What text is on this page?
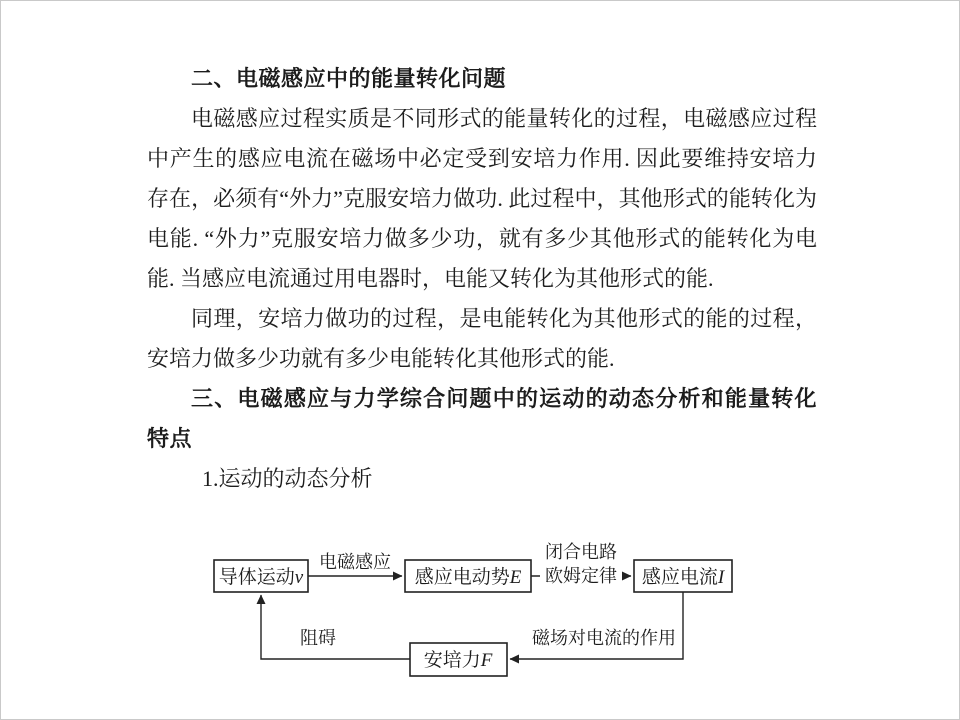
二、电磁感应中的能量转化问题

电磁感应过程实质是不同形式的能量转化的过程，电磁感应过程中产生的感应电流在磁场中必定受到安培力作用. 因此要维持安培力存在，必须有“外力”克服安培力做功. 此过程中，其他形式的能转化为电能. “外力”克服安培力做多少功，就有多少其他形式的能转化为电能. 当感应电流通过用电器时，电能又转化为其他形式的能.

同理，安培力做功的过程，是电能转化为其他形式的能的过程，安培力做多少功就有多少电能转化其他形式的能.

三、电磁感应与力学综合问题中的运动的动态分析和能量转化特点

1.运动的动态分析

电磁感应	闭合电路
欧姆定律
磁场对电流的作用
阻碍
导体运动v	感应电动势E	感应电流I
安培力F
